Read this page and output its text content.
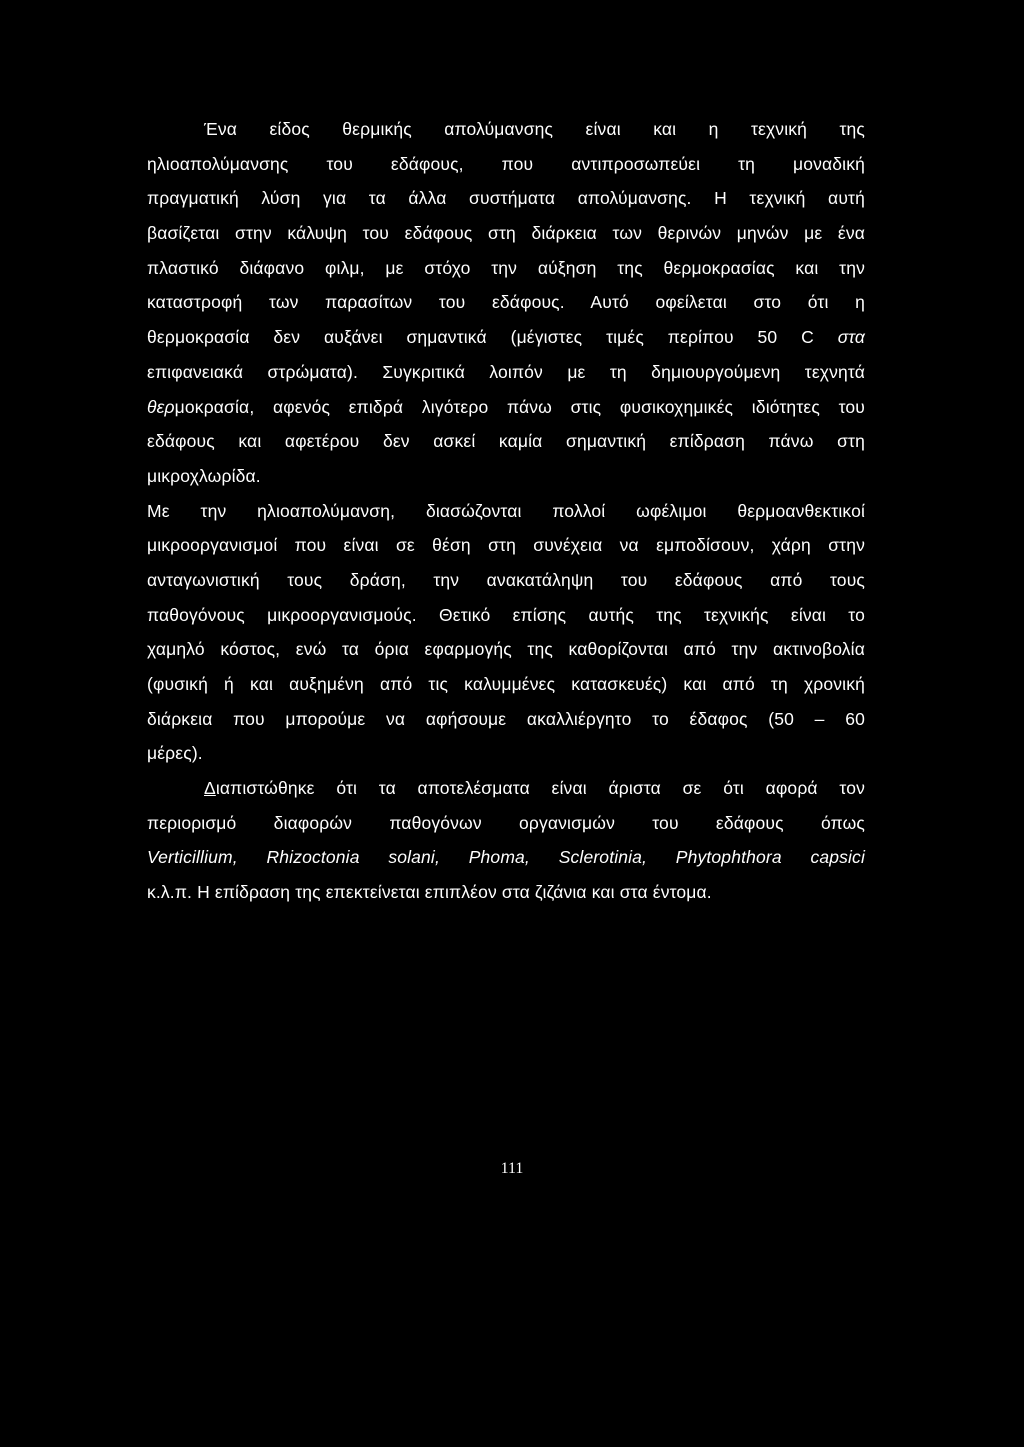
Ένα είδος θερμικής απολύμανσης είναι και η τεχνική της
ηλιοαπολύμανσης του εδάφους, που αντιπροσωπεύει τη μοναδική
πραγματική λύση για τα άλλα συστήματα απολύμανσης. Η τεχνική αυτή
βασίζεται στην κάλυψη του εδάφους στη διάρκεια των θερινών μηνών με ένα
πλαστικό διάφανο φιλμ, με στόχο την αύξηση της θερμοκρασίας και την
καταστροφή των παρασίτων του εδάφους. Αυτό οφείλεται στο ότι η
θερμοκρασία δεν αυξάνει σημαντικά (μέγιστες τιμές περίπου 50 C στα
επιφανειακά στρώματα). Συγκριτικά λοιπόν με τη δημιουργούμενη τεχνητά
θερμοκρασία, αφενός επιδρά λιγότερο πάνω στις φυσικοχημικές ιδιότητες του
εδάφους και αφετέρου δεν ασκεί καμία σημαντική επίδραση πάνω στη
μικροχλωρίδα.
Με την ηλιοαπολύμανση, διασώζονται πολλοί ωφέλιμοι θερμοανθεκτικοί
μικροοργανισμοί που είναι σε θέση στη συνέχεια να εμποδίσουν, χάρη στην
ανταγωνιστική τους δράση, την ανακατάληψη του εδάφους από τους
παθογόνους μικροοργανισμούς. Θετικό επίσης αυτής της τεχνικής είναι το
χαμηλό κόστος, ενώ τα όρια εφαρμογής της καθορίζονται από την ακτινοβολία
(φυσική ή και αυξημένη από τις καλυμμένες κατασκευές) και από τη χρονική
διάρκεια που μπορούμε να αφήσουμε ακαλλιέργητο το έδαφος (50 – 60
μέρες).
Διαπιστώθηκε ότι τα αποτελέσματα είναι άριστα σε ότι αφορά τον
περιορισμό διαφορών παθογόνων οργανισμών του εδάφους όπως
Verticillium, Rhizoctonia solani, Phoma, Sclerotinia, Phytophthora capsici
κ.λ.π. Η επίδραση της επεκτείνεται επιπλέον στα ζιζάνια και στα έντομα.
111
